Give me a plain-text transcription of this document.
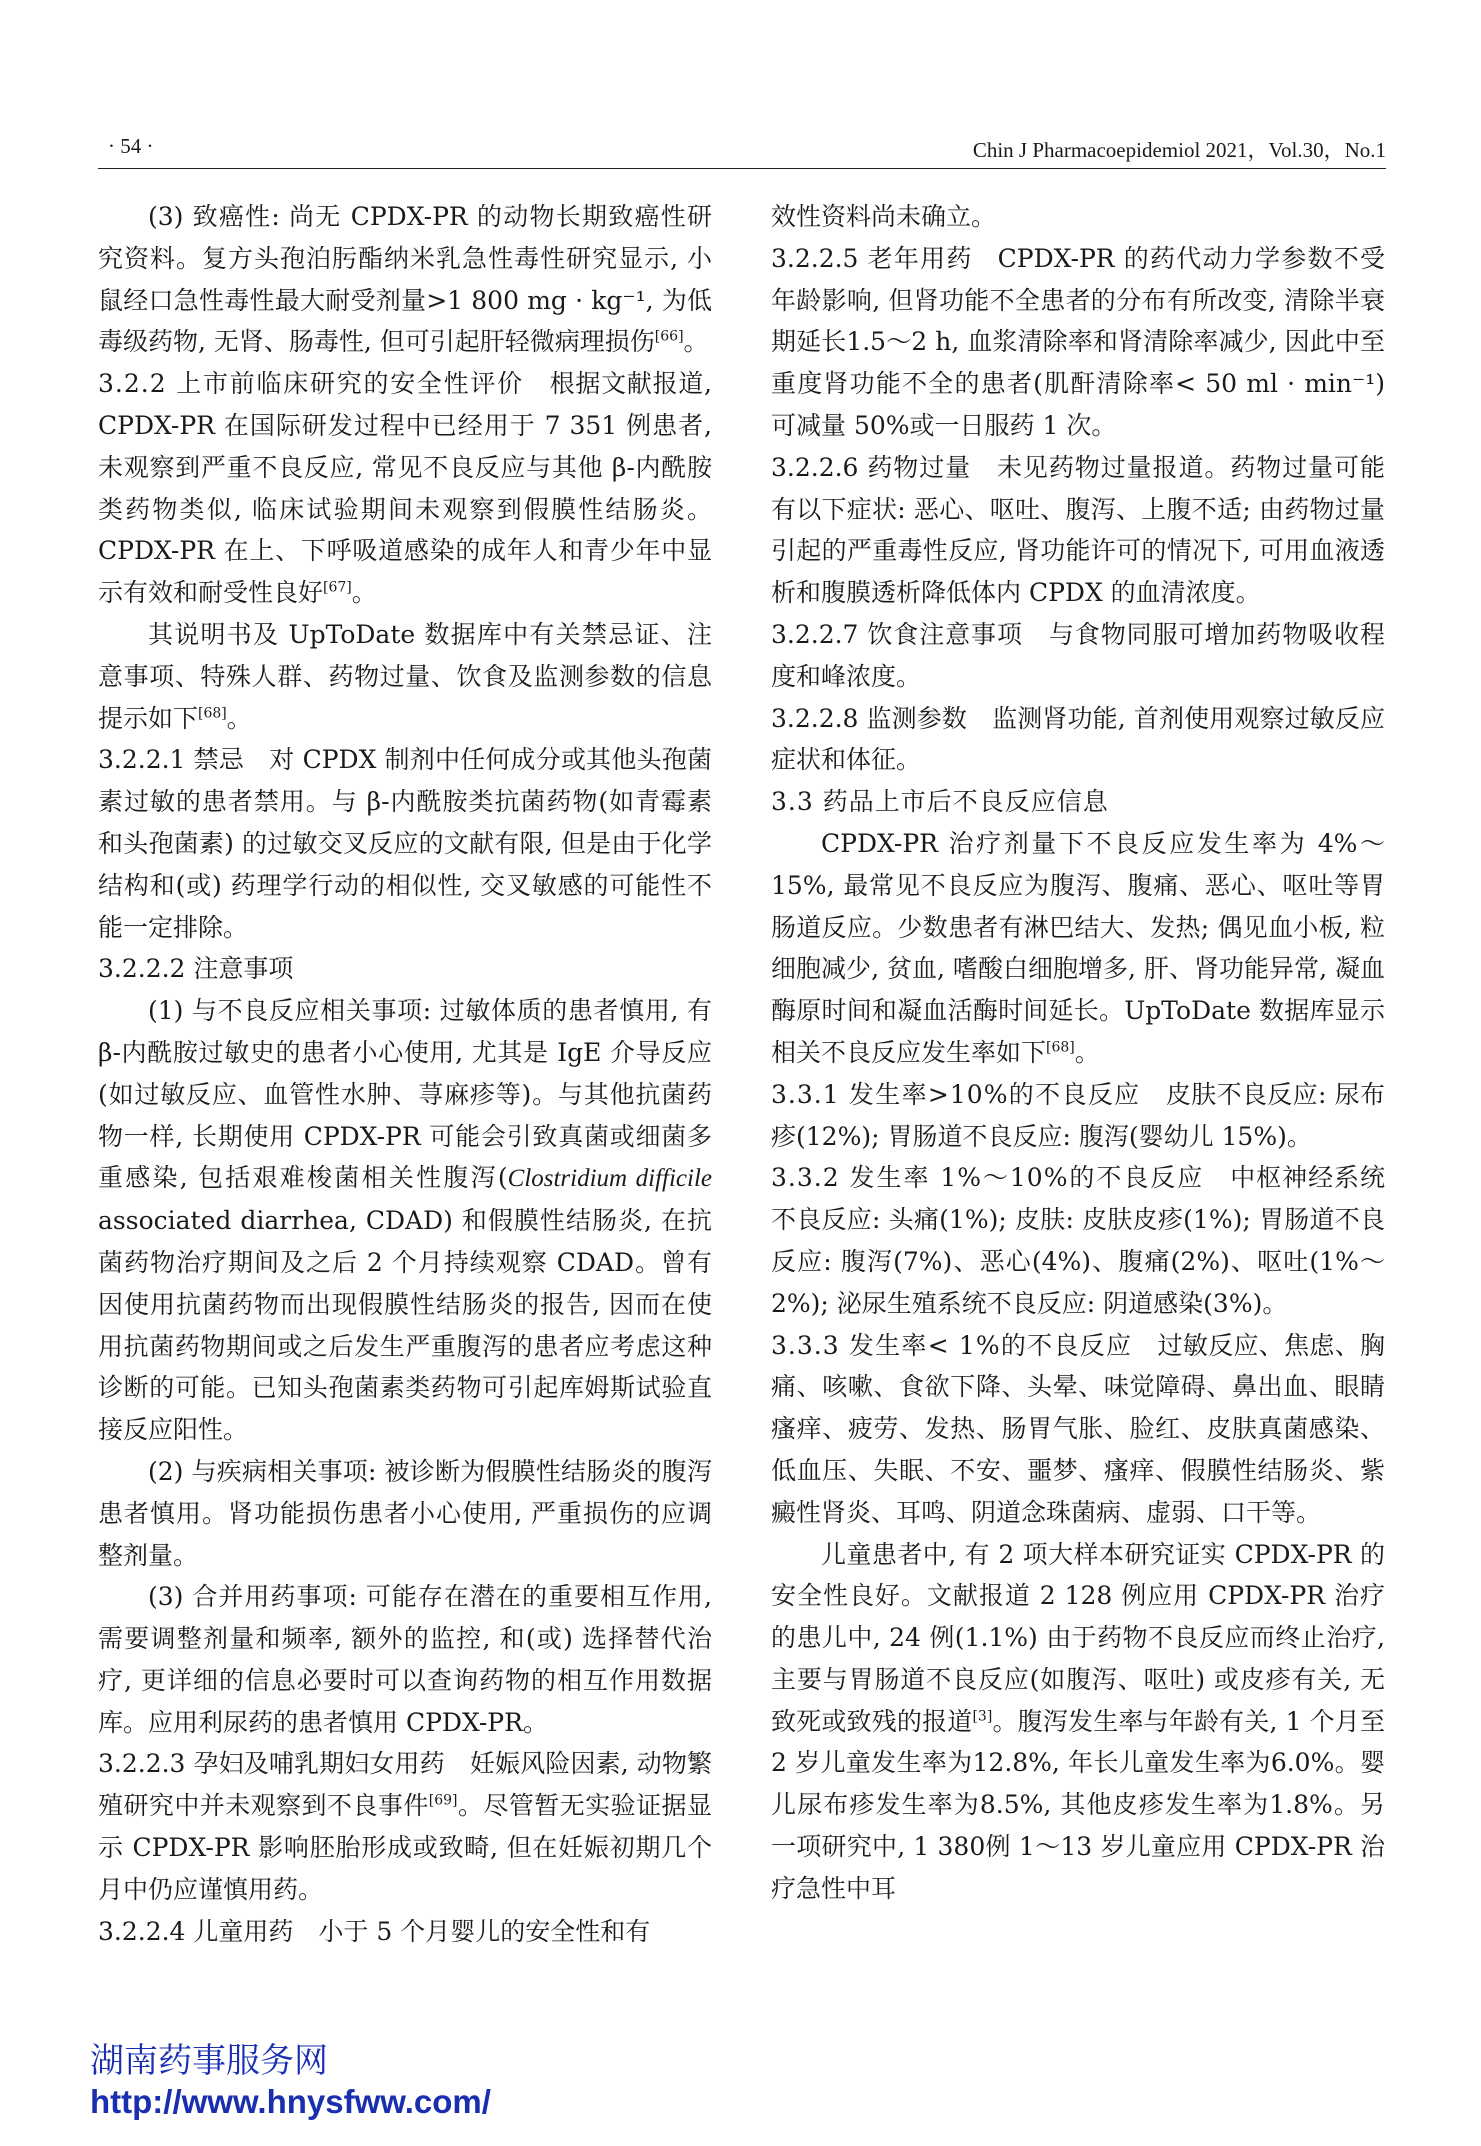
· 54 ·	Chin J Pharmacoepidemiol 2021，Vol.30，No.1

(3) 致癌性: 尚无 CPDX-PR 的动物长期致癌性研究资料。复方头孢泊肟酯纳米乳急性毒性研究显示, 小鼠经口急性毒性最大耐受剂量>1 800 mg · kg⁻¹, 为低毒级药物, 无肾、肠毒性, 但可引起肝轻微病理损伤[66]。

3.2.2 上市前临床研究的安全性评价  根据文献报道, CPDX-PR 在国际研发过程中已经用于 7 351 例患者, 未观察到严重不良反应, 常见不良反应与其他 β-内酰胺类药物类似, 临床试验期间未观察到假膜性结肠炎。CPDX-PR 在上、下呼吸道感染的成年人和青少年中显示有效和耐受性良好[67]。

其说明书及 UpToDate 数据库中有关禁忌证、注意事项、特殊人群、药物过量、饮食及监测参数的信息提示如下[68]。

3.2.2.1 禁忌  对 CPDX 制剂中任何成分或其他头孢菌素过敏的患者禁用。与 β-内酰胺类抗菌药物(如青霉素和头孢菌素) 的过敏交叉反应的文献有限, 但是由于化学结构和(或) 药理学行动的相似性, 交叉敏感的可能性不能一定排除。

3.2.2.2 注意事项

(1) 与不良反应相关事项: 过敏体质的患者慎用, 有 β-内酰胺过敏史的患者小心使用, 尤其是 IgE 介导反应(如过敏反应、血管性水肿、荨麻疹等)。与其他抗菌药物一样, 长期使用 CPDX-PR 可能会引致真菌或细菌多重感染, 包括艰难梭菌相关性腹泻(Clostridium difficile associated diarrhea, CDAD) 和假膜性结肠炎, 在抗菌药物治疗期间及之后 2 个月持续观察 CDAD。曾有因使用抗菌药物而出现假膜性结肠炎的报告, 因而在使用抗菌药物期间或之后发生严重腹泻的患者应考虑这种诊断的可能。已知头孢菌素类药物可引起库姆斯试验直接反应阳性。

(2) 与疾病相关事项: 被诊断为假膜性结肠炎的腹泻患者慎用。肾功能损伤患者小心使用, 严重损伤的应调整剂量。

(3) 合并用药事项: 可能存在潜在的重要相互作用, 需要调整剂量和频率, 额外的监控, 和(或) 选择替代治疗, 更详细的信息必要时可以查询药物的相互作用数据库。应用利尿药的患者慎用 CPDX-PR。

3.2.2.3 孕妇及哺乳期妇女用药  妊娠风险因素, 动物繁殖研究中并未观察到不良事件[69]。尽管暂无实验证据显示 CPDX-PR 影响胚胎形成或致畸, 但在妊娠初期几个月中仍应谨慎用药。

3.2.2.4 儿童用药  小于 5 个月婴儿的安全性和有

效性资料尚未确立。

3.2.2.5 老年用药  CPDX-PR 的药代动力学参数不受年龄影响, 但肾功能不全患者的分布有所改变, 清除半衰期延长1.5～2 h, 血浆清除率和肾清除率减少, 因此中至重度肾功能不全的患者(肌酐清除率< 50 ml · min⁻¹) 可减量 50%或一日服药 1 次。

3.2.2.6 药物过量  未见药物过量报道。药物过量可能有以下症状: 恶心、呕吐、腹泻、上腹不适; 由药物过量引起的严重毒性反应, 肾功能许可的情况下, 可用血液透析和腹膜透析降低体内 CPDX 的血清浓度。

3.2.2.7 饮食注意事项  与食物同服可增加药物吸收程度和峰浓度。

3.2.2.8 监测参数  监测肾功能, 首剂使用观察过敏反应症状和体征。

3.3 药品上市后不良反应信息

CPDX-PR 治疗剂量下不良反应发生率为 4%～15%, 最常见不良反应为腹泻、腹痛、恶心、呕吐等胃肠道反应。少数患者有淋巴结大、发热; 偶见血小板, 粒细胞减少, 贫血, 嗜酸白细胞增多, 肝、肾功能异常, 凝血酶原时间和凝血活酶时间延长。UpToDate 数据库显示相关不良反应发生率如下[68]。

3.3.1 发生率>10%的不良反应  皮肤不良反应: 尿布疹(12%); 胃肠道不良反应: 腹泻(婴幼儿 15%)。

3.3.2 发生率 1%～10%的不良反应  中枢神经系统不良反应: 头痛(1%); 皮肤: 皮肤皮疹(1%); 胃肠道不良反应: 腹泻(7%)、恶心(4%)、腹痛(2%)、呕吐(1%～2%); 泌尿生殖系统不良反应: 阴道感染(3%)。

3.3.3 发生率< 1%的不良反应  过敏反应、焦虑、胸痛、咳嗽、食欲下降、头晕、味觉障碍、鼻出血、眼睛瘙痒、疲劳、发热、肠胃气胀、脸红、皮肤真菌感染、低血压、失眠、不安、噩梦、瘙痒、假膜性结肠炎、紫癜性肾炎、耳鸣、阴道念珠菌病、虚弱、口干等。

儿童患者中, 有 2 项大样本研究证实 CPDX-PR 的安全性良好。文献报道 2 128 例应用 CPDX-PR 治疗的患儿中, 24 例(1.1%) 由于药物不良反应而终止治疗, 主要与胃肠道不良反应(如腹泻、呕吐) 或皮疹有关, 无致死或致残的报道[3]。腹泻发生率与年龄有关, 1 个月至 2 岁儿童发生率为12.8%, 年长儿童发生率为6.0%。婴儿尿布疹发生率为8.5%, 其他皮疹发生率为1.8%。另一项研究中, 1 380例 1～13 岁儿童应用 CPDX-PR 治疗急性中耳

湖南药事服务网
http://www.hnysfww.com/
